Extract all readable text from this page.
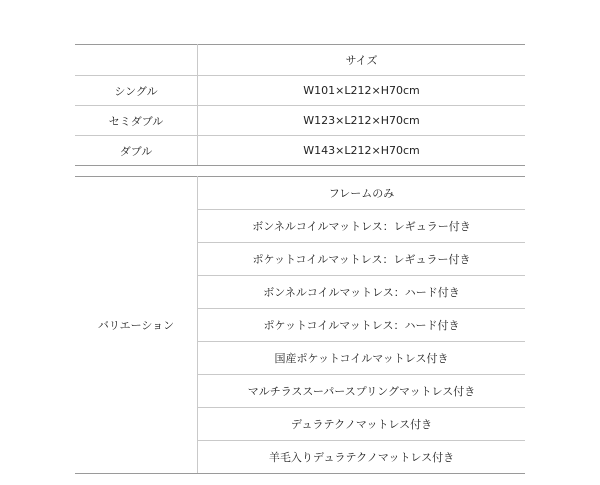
	サイズ
シングル	W101×L212×H70cm
セミダブル	W123×L212×H70cm
ダブル	W143×L212×H70cm
バリエーション	フレームのみ
ボンネルコイルマットレス：レギュラー付き
ポケットコイルマットレス：レギュラー付き
ボンネルコイルマットレス：ハード付き
ポケットコイルマットレス：ハード付き
国産ポケットコイルマットレス付き
マルチラススーパースプリングマットレス付き
デュラテクノマットレス付き
羊毛入りデュラテクノマットレス付き
